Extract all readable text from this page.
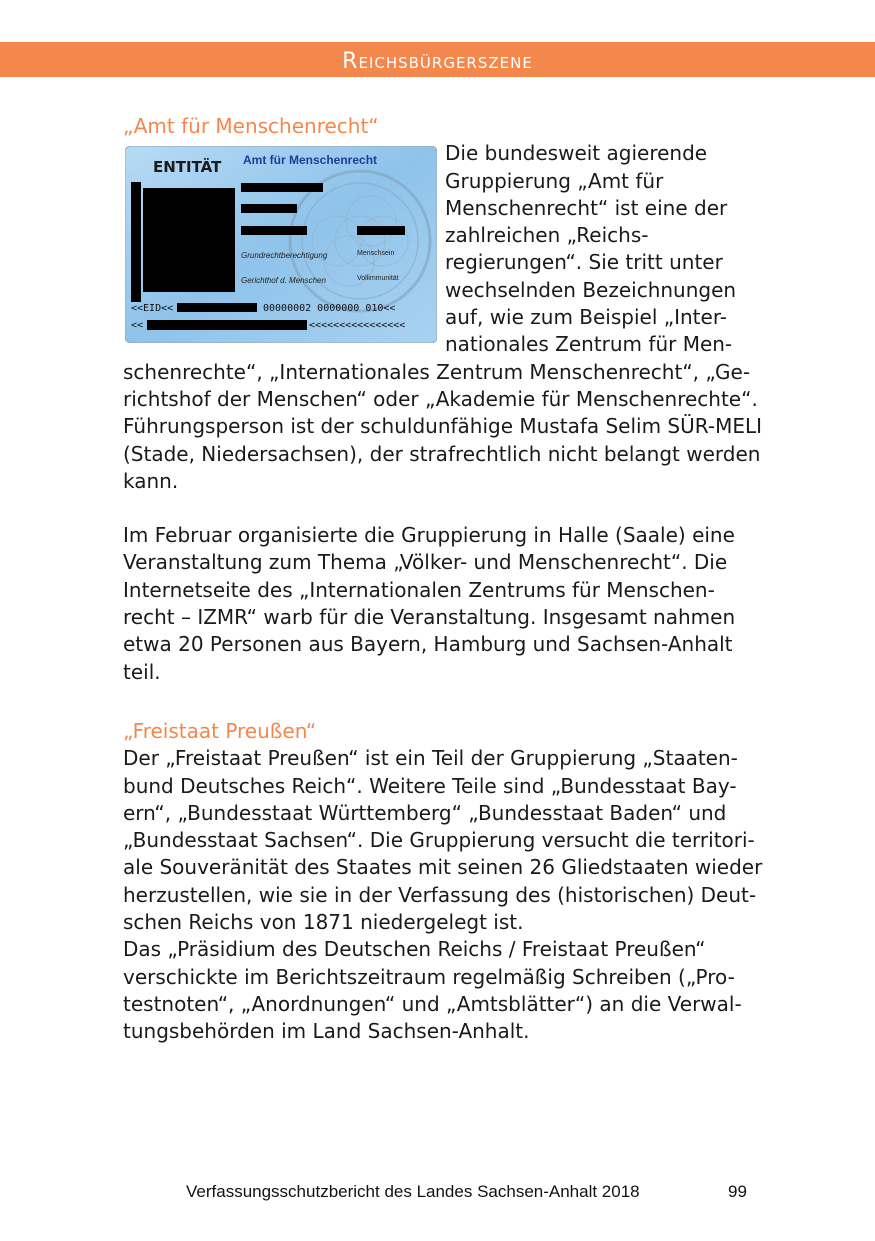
Reichsbürgerszene
„Amt für Menschenrecht“
ENTITÄT Amt für Menschenrecht
Grundrechtberechtigung	Menschsein
Gerichthof d. Menschen	Vollimmunität
<<EID<<	00000002 0000000 010<<
<<	<<<<<<<<<<<<<<<<

Die bundesweit agierende Gruppierung „Amt für Menschenrecht“ ist eine der zahlreichen „Reichs-regierungen“. Sie tritt unter wechselnden Bezeichnungen auf, wie zum Beispiel „Inter-nationales Zentrum für Men-schenrechte“, „Internationales Zentrum Menschenrecht“, „Ge-richtshof der Menschen“ oder „Akademie für Menschenrechte“. Führungsperson ist der schuldunfähige Mustafa Selim SÜR-MELI (Stade, Niedersachsen), der strafrechtlich nicht belangt werden kann.

Im Februar organisierte die Gruppierung in Halle (Saale) eine Veranstaltung zum Thema „Völker- und Menschenrecht“. Die Internetseite des „Internationalen Zentrums für Menschen-recht – IZMR“ warb für die Veranstaltung. Insgesamt nahmen etwa 20 Personen aus Bayern, Hamburg und Sachsen-Anhalt teil.

„Freistaat Preußen“

Der „Freistaat Preußen“ ist ein Teil der Gruppierung „Staaten-bund Deutsches Reich“. Weitere Teile sind „Bundesstaat Bay-ern“, „Bundesstaat Württemberg“ „Bundesstaat Baden“ und „Bundesstaat Sachsen“. Die Gruppierung versucht die territori-ale Souveränität des Staates mit seinen 26 Gliedstaaten wieder herzustellen, wie sie in der Verfassung des (historischen) Deut-schen Reichs von 1871 niedergelegt ist.

Das „Präsidium des Deutschen Reichs / Freistaat Preußen“ verschickte im Berichtszeitraum regelmäßig Schreiben („Pro-testnoten“, „Anordnungen“ und „Amtsblätter“) an die Verwal-tungsbehörden im Land Sachsen-Anhalt.

Verfassungsschutzbericht des Landes Sachsen-Anhalt 2018	99
